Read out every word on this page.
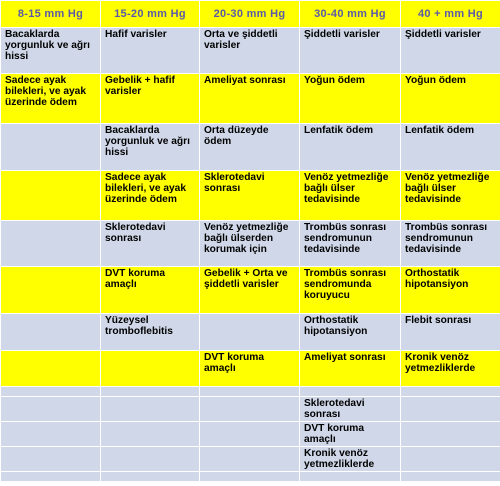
8-15 mm Hg	15-20 mm Hg	20-30 mm Hg	30-40 mm Hg	40 + mm Hg
Bacaklarda yorgunluk ve ağrı hissi	Hafif varisler	Orta ve şiddetli varisler	Şiddetli varisler	Şiddetli varisler
Sadece ayak bilekleri, ve ayak üzerinde ödem	Gebelik + hafif varisler	Ameliyat sonrası	Yoğun ödem	Yoğun ödem
	Bacaklarda yorgunluk ve ağrı hissi	Orta düzeyde ödem	Lenfatik ödem	Lenfatik ödem
	Sadece ayak bilekleri, ve ayak üzerinde ödem	Sklerotedavi sonrası	Venöz yetmezliğe bağlı ülser tedavisinde	Venöz yetmezliğe bağlı ülser tedavisinde
	Sklerotedavi sonrası	Venöz yetmezliğe bağlı ülserden korumak için	Trombüs sonrası sendromunun tedavisinde	Trombüs sonrası sendromunun tedavisinde
	DVT koruma amaçlı	Gebelik + Orta ve şiddetli varisler	Trombüs sonrası sendromunda koruyucu	Orthostatik hipotansiyon
	Yüzeysel tromboflebitis		Orthostatik hipotansiyon	Flebit sonrası
		DVT koruma amaçlı	Ameliyat sonrası	Kronik venöz yetmezliklerde

			Sklerotedavi sonrası	
			DVT koruma amaçlı	
			Kronik venöz yetmezliklerde	
